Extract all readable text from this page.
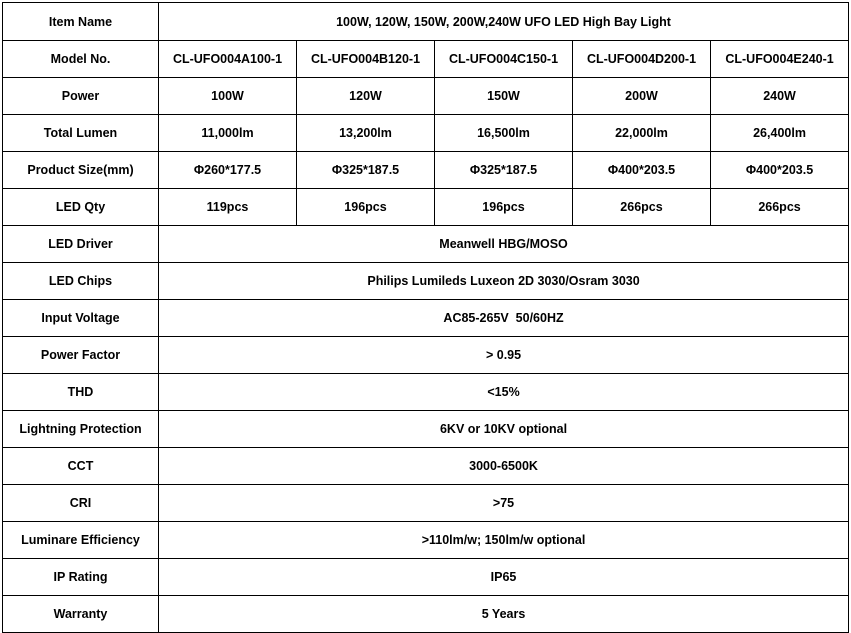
Item Name	100W, 120W, 150W, 200W,240W UFO LED High Bay Light				
Model No.	CL-UFO004A100-1	CL-UFO004B120-1	CL-UFO004C150-1	CL-UFO004D200-1	CL-UFO004E240-1
Power	100W	120W	150W	200W	240W
Total Lumen	11,000lm	13,200lm	16,500lm	22,000lm	26,400lm
Product Size(mm)	Φ260*177.5	Φ325*187.5	Φ325*187.5	Φ400*203.5	Φ400*203.5
LED Qty	119pcs	196pcs	196pcs	266pcs	266pcs
LED Driver	Meanwell HBG/MOSO				
LED Chips	Philips Lumileds Luxeon 2D 3030/Osram 3030				
Input Voltage	AC85-265V  50/60HZ				
Power Factor	> 0.95				
THD	<15%				
Lightning Protection	6KV or 10KV optional				
CCT	3000-6500K				
CRI	>75				
Luminare Efficiency	>110lm/w; 150lm/w optional				
IP Rating	IP65				
Warranty	5 Years				
